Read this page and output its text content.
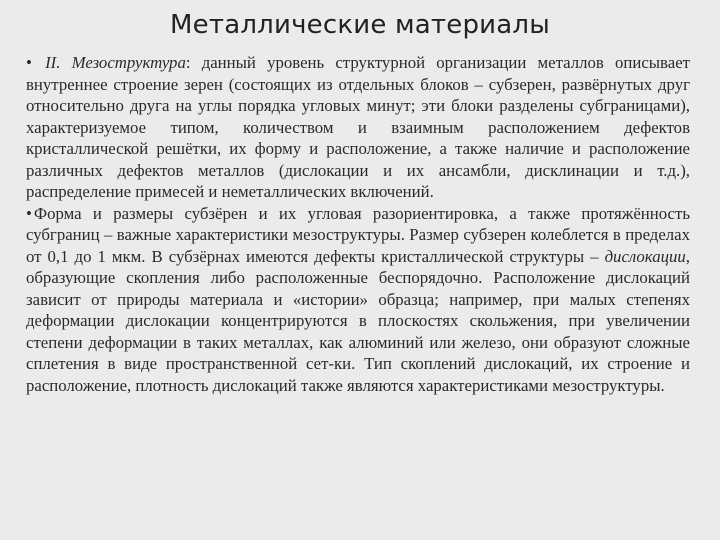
Металлические материалы

• II. Мезоструктура: данный уровень структурной организации металлов описывает внутреннее строение зерен (состоящих из отдельных блоков – субзерен, развёрнутых друг относительно друга на углы порядка угловых минут; эти блоки разделены субграницами), характеризуемое типом, количеством и взаимным расположением дефектов кристаллической решётки, их форму и расположение, а также наличие и расположение различных дефектов металлов (дислокации и их ансамбли, дисклинации и т.д.), распределение примесей и неметаллических включений.

• Форма и размеры субзёрен и их угловая разориентировка, а также протяжённость субграниц – важные характеристики мезоструктуры. Размер субзерен колеблется в пределах от 0,1 до 1 мкм. В субзёрнах имеются дефекты кристаллической структуры – дислокации, образующие скопления либо расположенные беспорядочно. Расположение дислокаций зависит от природы материала и «истории» образца; например, при малых степенях деформации дислокации концентрируются в плоскостях скольжения, при увеличении степени деформации в таких металлах, как алюминий или железо, они образуют сложные сплетения в виде пространственной сет-ки. Тип скоплений дислокаций, их строение и расположение, плотность дислокаций также являются характеристиками мезоструктуры.
